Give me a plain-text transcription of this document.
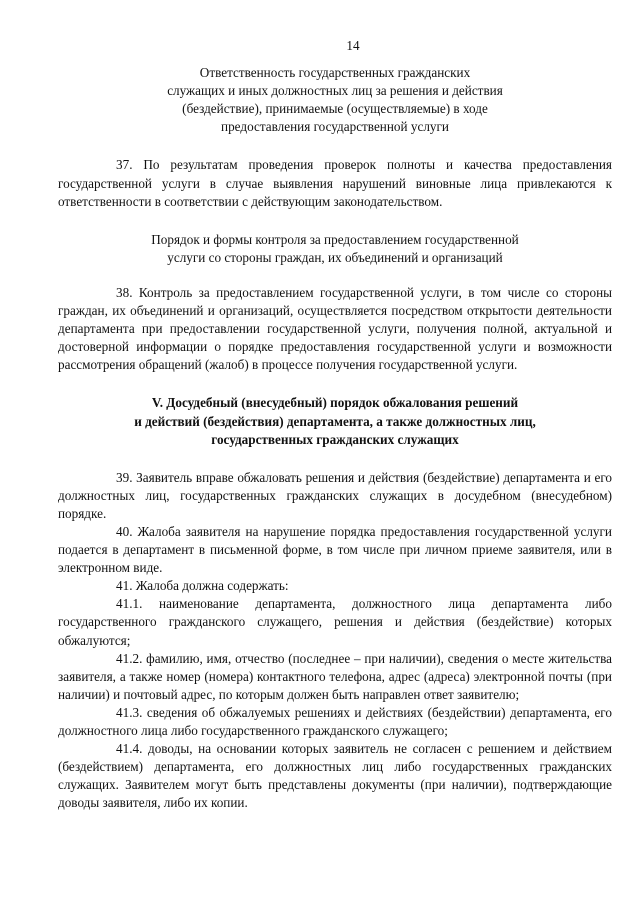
14
Ответственность государственных гражданских
служащих и иных должностных лиц за решения и действия
(бездействие), принимаемые (осуществляемые) в ходе
предоставления государственной услуги

37. По результатам проведения проверок полноты и качества предоставления государственной услуги в случае выявления нарушений виновные лица привлекаются к ответственности в соответствии с действующим законодательством.

Порядок и формы контроля за предоставлением государственной
услуги со стороны граждан, их объединений и организаций

38. Контроль за предоставлением государственной услуги, в том числе со стороны граждан, их объединений и организаций, осуществляется посредством открытости деятельности департамента при предоставлении государственной услуги, получения полной, актуальной и достоверной информации о порядке предоставления государственной услуги и возможности рассмотрения обращений (жалоб) в процессе получения государственной услуги.

V. Досудебный (внесудебный) порядок обжалования решений
и действий (бездействия) департамента, а также должностных лиц,
государственных гражданских служащих

39. Заявитель вправе обжаловать решения и действия (бездействие) департамента и его должностных лиц, государственных гражданских служащих в досудебном (внесудебном) порядке.

40. Жалоба заявителя на нарушение порядка предоставления государственной услуги подается в департамент в письменной форме, в том числе при личном приеме заявителя, или в электронном виде.

41. Жалоба должна содержать:

41.1. наименование департамента, должностного лица департамента либо государственного гражданского служащего, решения и действия (бездействие) которых обжалуются;

41.2. фамилию, имя, отчество (последнее – при наличии), сведения о месте жительства заявителя, а также номер (номера) контактного телефона, адрес (адреса) электронной почты (при наличии) и почтовый адрес, по которым должен быть направлен ответ заявителю;

41.3. сведения об обжалуемых решениях и действиях (бездействии) департамента, его должностного лица либо государственного гражданского служащего;

41.4. доводы, на основании которых заявитель не согласен с решением и действием (бездействием) департамента, его должностных лиц либо государственных гражданских служащих. Заявителем могут быть представлены документы (при наличии), подтверждающие доводы заявителя, либо их копии.
